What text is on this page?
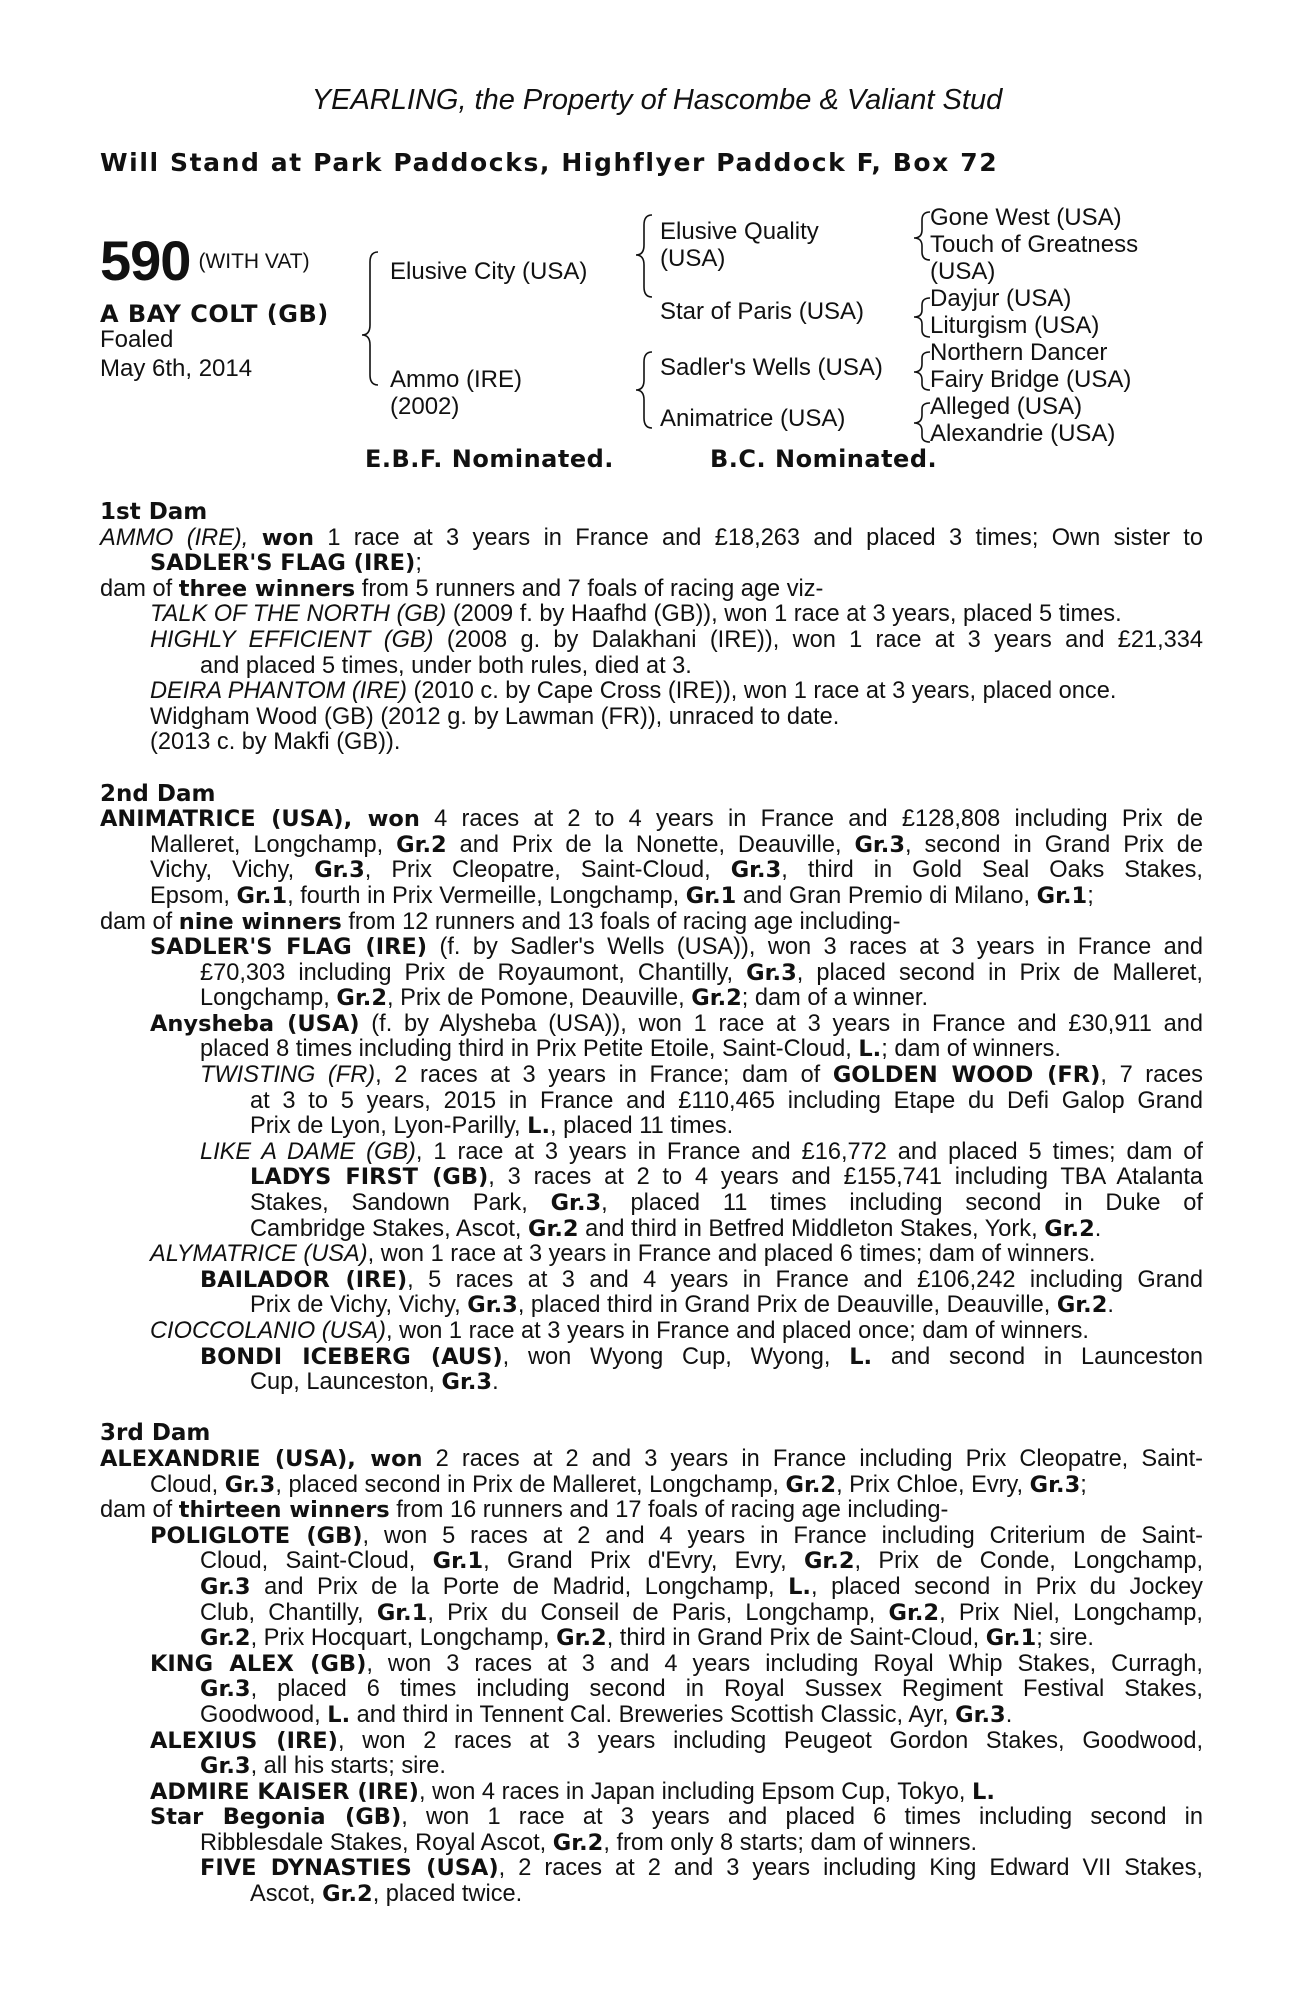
YEARLING, the Property of Hascombe & Valiant Stud
Will Stand at Park Paddocks, Highflyer Paddock F, Box 72
590 $^{(WITH VAT)}$
A BAY COLT (GB)
Foaled
May 6th, 2014
Elusive City (USA)
Ammo (IRE)
(2002)
Elusive Quality
(USA)
Star of Paris (USA)
Sadler's Wells (USA)
Animatrice (USA)
Gone West (USA)
Touch of Greatness
(USA)
Dayjur (USA)
Liturgism (USA)
Northern Dancer
Fairy Bridge (USA)
Alleged (USA)
Alexandrie (USA)
E.B.F. Nominated.	B.C. Nominated.
1st Dam
AMMO (IRE), won 1 race at 3 years in France and £18,263 and placed 3 times; Own sister to
SADLER'S FLAG (IRE);
dam of three winners from 5 runners and 7 foals of racing age viz-
TALK OF THE NORTH (GB) (2009 f. by Haafhd (GB)), won 1 race at 3 years, placed 5 times.
HIGHLY EFFICIENT (GB) (2008 g. by Dalakhani (IRE)), won 1 race at 3 years and £21,334
and placed 5 times, under both rules, died at 3.
DEIRA PHANTOM (IRE) (2010 c. by Cape Cross (IRE)), won 1 race at 3 years, placed once.
Widgham Wood (GB) (2012 g. by Lawman (FR)), unraced to date.
(2013 c. by Makfi (GB)).
2nd Dam
ANIMATRICE (USA), won 4 races at 2 to 4 years in France and £128,808 including Prix de
Malleret, Longchamp, Gr.2 and Prix de la Nonette, Deauville, Gr.3, second in Grand Prix de
Vichy, Vichy, Gr.3, Prix Cleopatre, Saint-Cloud, Gr.3, third in Gold Seal Oaks Stakes,
Epsom, Gr.1, fourth in Prix Vermeille, Longchamp, Gr.1 and Gran Premio di Milano, Gr.1;
dam of nine winners from 12 runners and 13 foals of racing age including-
SADLER'S FLAG (IRE) (f. by Sadler's Wells (USA)), won 3 races at 3 years in France and
£70,303 including Prix de Royaumont, Chantilly, Gr.3, placed second in Prix de Malleret,
Longchamp, Gr.2, Prix de Pomone, Deauville, Gr.2; dam of a winner.
Anysheba (USA) (f. by Alysheba (USA)), won 1 race at 3 years in France and £30,911 and
placed 8 times including third in Prix Petite Etoile, Saint-Cloud, L.; dam of winners.
TWISTING (FR), 2 races at 3 years in France; dam of GOLDEN WOOD (FR), 7 races
at 3 to 5 years, 2015 in France and £110,465 including Etape du Defi Galop Grand
Prix de Lyon, Lyon-Parilly, L., placed 11 times.
LIKE A DAME (GB), 1 race at 3 years in France and £16,772 and placed 5 times; dam of
LADYS FIRST (GB), 3 races at 2 to 4 years and £155,741 including TBA Atalanta
Stakes, Sandown Park, Gr.3, placed 11 times including second in Duke of
Cambridge Stakes, Ascot, Gr.2 and third in Betfred Middleton Stakes, York, Gr.2.
ALYMATRICE (USA), won 1 race at 3 years in France and placed 6 times; dam of winners.
BAILADOR (IRE), 5 races at 3 and 4 years in France and £106,242 including Grand
Prix de Vichy, Vichy, Gr.3, placed third in Grand Prix de Deauville, Deauville, Gr.2.
CIOCCOLANIO (USA), won 1 race at 3 years in France and placed once; dam of winners.
BONDI ICEBERG (AUS), won Wyong Cup, Wyong, L. and second in Launceston
Cup, Launceston, Gr.3.
3rd Dam
ALEXANDRIE (USA), won 2 races at 2 and 3 years in France including Prix Cleopatre, Saint-
Cloud, Gr.3, placed second in Prix de Malleret, Longchamp, Gr.2, Prix Chloe, Evry, Gr.3;
dam of thirteen winners from 16 runners and 17 foals of racing age including-
POLIGLOTE (GB), won 5 races at 2 and 4 years in France including Criterium de Saint-
Cloud, Saint-Cloud, Gr.1, Grand Prix d'Evry, Evry, Gr.2, Prix de Conde, Longchamp,
Gr.3 and Prix de la Porte de Madrid, Longchamp, L., placed second in Prix du Jockey
Club, Chantilly, Gr.1, Prix du Conseil de Paris, Longchamp, Gr.2, Prix Niel, Longchamp,
Gr.2, Prix Hocquart, Longchamp, Gr.2, third in Grand Prix de Saint-Cloud, Gr.1; sire.
KING ALEX (GB), won 3 races at 3 and 4 years including Royal Whip Stakes, Curragh,
Gr.3, placed 6 times including second in Royal Sussex Regiment Festival Stakes,
Goodwood, L. and third in Tennent Cal. Breweries Scottish Classic, Ayr, Gr.3.
ALEXIUS (IRE), won 2 races at 3 years including Peugeot Gordon Stakes, Goodwood,
Gr.3, all his starts; sire.
ADMIRE KAISER (IRE), won 4 races in Japan including Epsom Cup, Tokyo, L.
Star Begonia (GB), won 1 race at 3 years and placed 6 times including second in
Ribblesdale Stakes, Royal Ascot, Gr.2, from only 8 starts; dam of winners.
FIVE DYNASTIES (USA), 2 races at 2 and 3 years including King Edward VII Stakes,
Ascot, Gr.2, placed twice.
